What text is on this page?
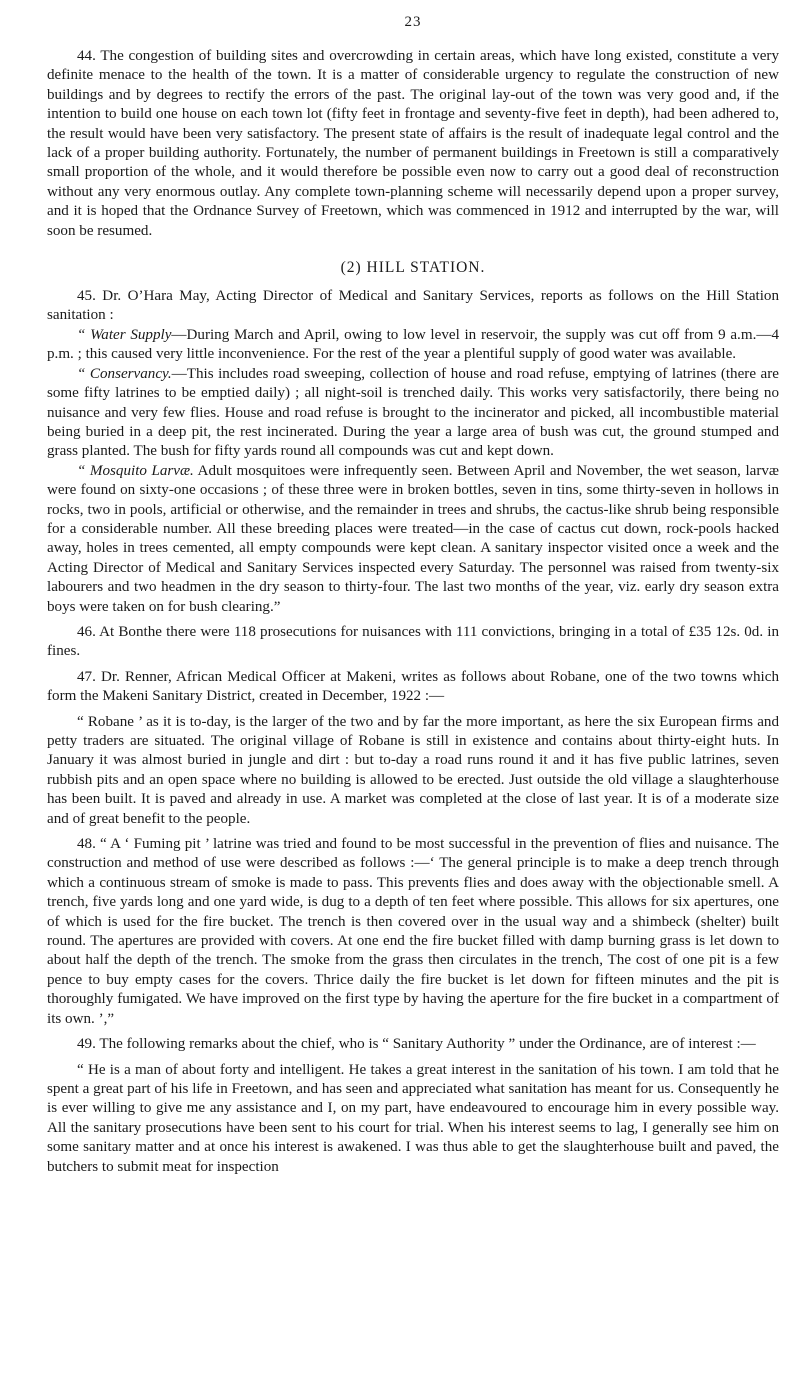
23

44. The congestion of building sites and overcrowding in certain areas, which have long existed, constitute a very definite menace to the health of the town. It is a matter of considerable urgency to regulate the construction of new buildings and by degrees to rectify the errors of the past. The original lay-out of the town was very good and, if the intention to build one house on each town lot (fifty feet in frontage and seventy-five feet in depth), had been adhered to, the result would have been very satisfactory. The present state of affairs is the result of inadequate legal control and the lack of a proper building authority. Fortunately, the number of permanent buildings in Freetown is still a comparatively small proportion of the whole, and it would therefore be possible even now to carry out a good deal of reconstruction without any very enormous outlay. Any complete town-planning scheme will necessarily depend upon a proper survey, and it is hoped that the Ordnance Survey of Freetown, which was commenced in 1912 and interrupted by the war, will soon be resumed.

(2) HILL STATION.

45. Dr. O’Hara May, Acting Director of Medical and Sanitary Services, reports as follows on the Hill Station sanitation :

“ Water Supply—During March and April, owing to low level in reservoir, the supply was cut off from 9 a.m.—4 p.m. ; this caused very little inconvenience. For the rest of the year a plentiful supply of good water was available.

“ Conservancy.—This includes road sweeping, collection of house and road refuse, emptying of latrines (there are some fifty latrines to be emptied daily) ; all night-soil is trenched daily. This works very satisfactorily, there being no nuisance and very few flies. House and road refuse is brought to the incinerator and picked, all incombustible material being buried in a deep pit, the rest incinerated. During the year a large area of bush was cut, the ground stumped and grass planted. The bush for fifty yards round all compounds was cut and kept down.

“ Mosquito Larvæ. Adult mosquitoes were infrequently seen. Between April and November, the wet season, larvæ were found on sixty-one occasions ; of these three were in broken bottles, seven in tins, some thirty-seven in hollows in rocks, two in pools, artificial or otherwise, and the remainder in trees and shrubs, the cactus-like shrub being responsible for a considerable number. All these breeding places were treated—in the case of cactus cut down, rock-pools hacked away, holes in trees cemented, all empty compounds were kept clean. A sanitary inspector visited once a week and the Acting Director of Medical and Sanitary Services inspected every Saturday. The personnel was raised from twenty-six labourers and two headmen in the dry season to thirty-four. The last two months of the year, viz. early dry season extra boys were taken on for bush clearing.”

46. At Bonthe there were 118 prosecutions for nuisances with 111 convictions, bringing in a total of £35 12s. 0d. in fines.

47. Dr. Renner, African Medical Officer at Makeni, writes as follows about Robane, one of the two towns which form the Makeni Sanitary District, created in December, 1922 :—

“ Robane ’ as it is to-day, is the larger of the two and by far the more important, as here the six European firms and petty traders are situated. The original village of Robane is still in existence and contains about thirty-eight huts. In January it was almost buried in jungle and dirt : but to-day a road runs round it and it has five public latrines, seven rubbish pits and an open space where no building is allowed to be erected. Just outside the old village a slaughterhouse has been built. It is paved and already in use. A market was completed at the close of last year. It is of a moderate size and of great benefit to the people.

48. “ A ‘ Fuming pit ’ latrine was tried and found to be most successful in the prevention of flies and nuisance. The construction and method of use were described as follows :—‘ The general principle is to make a deep trench through which a continuous stream of smoke is made to pass. This prevents flies and does away with the objectionable smell. A trench, five yards long and one yard wide, is dug to a depth of ten feet where possible. This allows for six apertures, one of which is used for the fire bucket. The trench is then covered over in the usual way and a shimbeck (shelter) built round. The apertures are provided with covers. At one end the fire bucket filled with damp burning grass is let down to about half the depth of the trench. The smoke from the grass then circulates in the trench, The cost of one pit is a few pence to buy empty cases for the covers. Thrice daily the fire bucket is let down for fifteen minutes and the pit is thoroughly fumigated. We have improved on the first type by having the aperture for the fire bucket in a compartment of its own. ’,”

49. The following remarks about the chief, who is “ Sanitary Authority ” under the Ordinance, are of interest :—

“ He is a man of about forty and intelligent. He takes a great interest in the sanitation of his town. I am told that he spent a great part of his life in Freetown, and has seen and appreciated what sanitation has meant for us. Consequently he is ever willing to give me any assistance and I, on my part, have endeavoured to encourage him in every possible way. All the sanitary prosecutions have been sent to his court for trial. When his interest seems to lag, I generally see him on some sanitary matter and at once his interest is awakened. I was thus able to get the slaughterhouse built and paved, the butchers to submit meat for inspection
